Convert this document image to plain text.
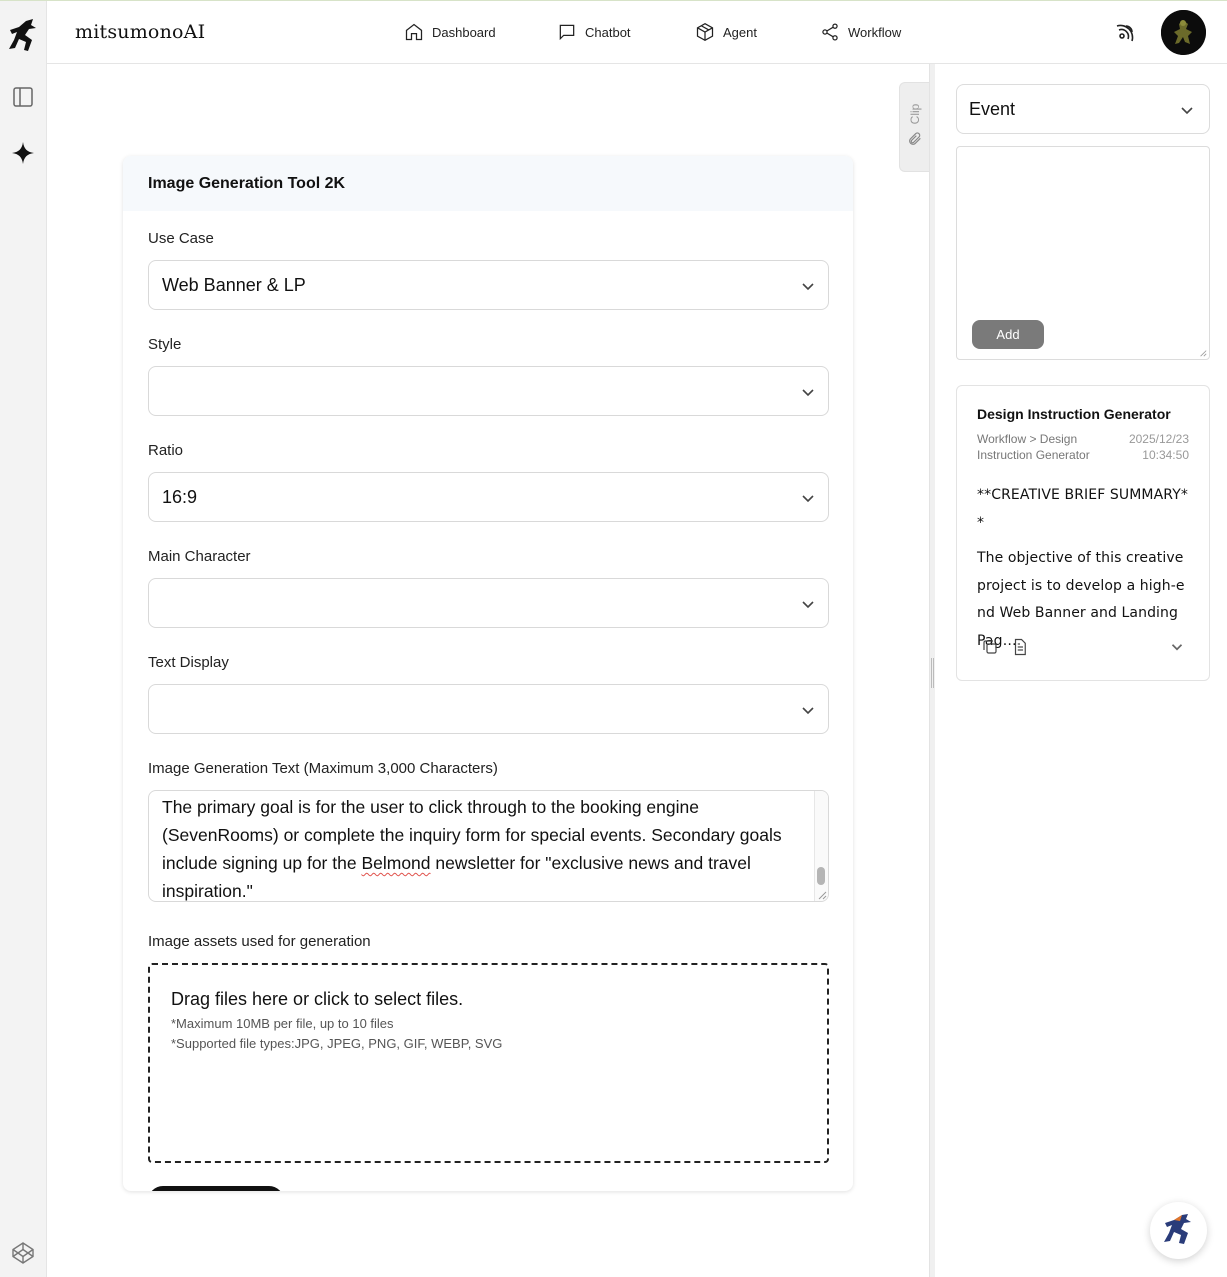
mitsumonoAI	Dashboard	Chatbot	Agent	Workflow
Clip
Image Generation Tool 2K
Use Case
Web Banner & LP
Style
Ratio
16:9
Main Character
Text Display
Image Generation Text (Maximum 3,000 Characters)
The primary goal is for the user to click through to the booking engine (SevenRooms) or complete the inquiry form for special events. Secondary goals include signing up for the Belmond newsletter for "exclusive news and travel inspiration."
Image assets used for generation
Drag files here or click to select files.
*Maximum 10MB per file, up to 10 files
*Supported file types:JPG, JPEG, PNG, GIF, WEBP, SVG
Event
Add
Design Instruction Generator
Workflow > Design Instruction Generator
2025/12/23
10:34:50

**CREATIVE BRIEF SUMMARY**

The objective of this creative project is to develop a high-end Web Banner and Landing Pag…
